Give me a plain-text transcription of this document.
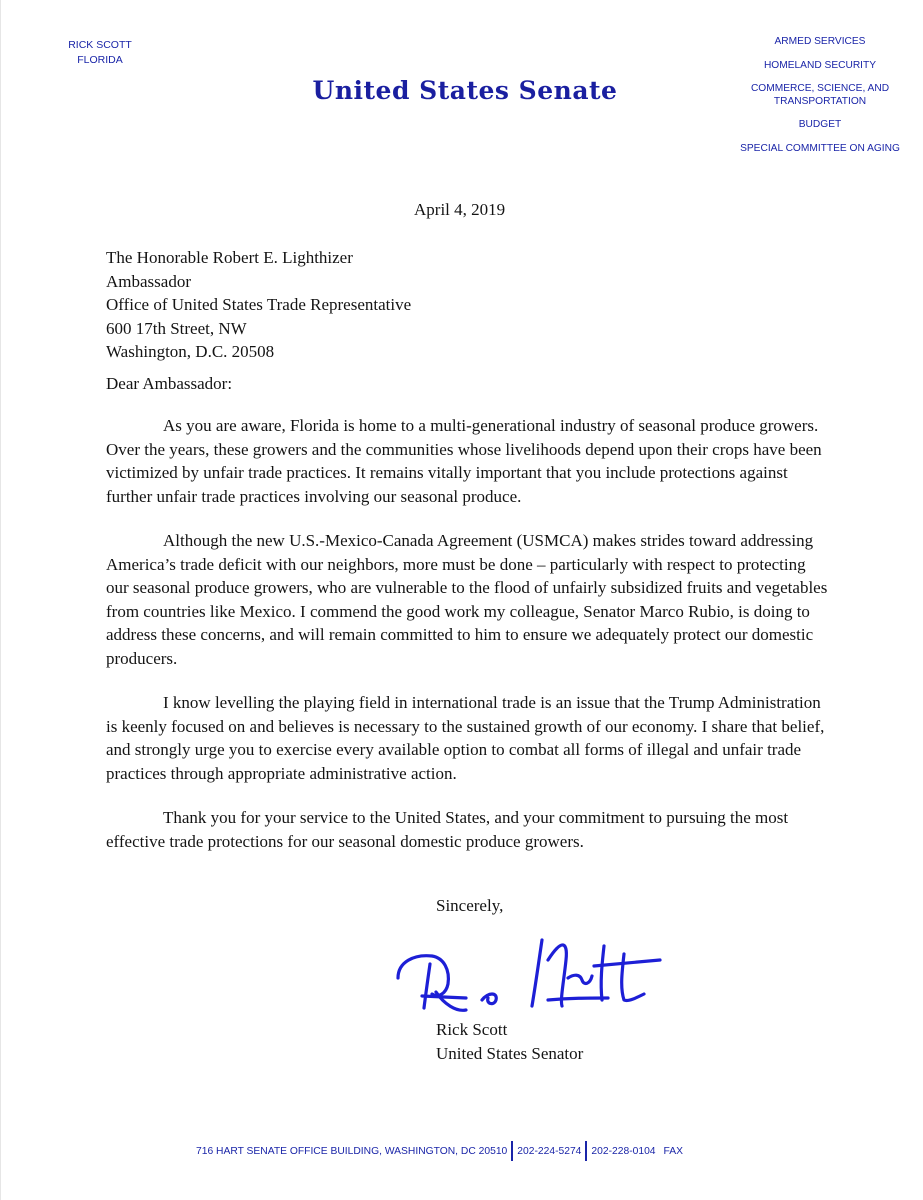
RICK SCOTT
FLORIDA
United States Senate
ARMED SERVICES
HOMELAND SECURITY
COMMERCE, SCIENCE, AND TRANSPORTATION
BUDGET
SPECIAL COMMITTEE ON AGING
April 4, 2019
The Honorable Robert E. Lighthizer
Ambassador
Office of United States Trade Representative
600 17th Street, NW
Washington, D.C. 20508
Dear Ambassador:

As you are aware, Florida is home to a multi-generational industry of seasonal produce growers. Over the years, these growers and the communities whose livelihoods depend upon their crops have been victimized by unfair trade practices. It remains vitally important that you include protections against further unfair trade practices involving our seasonal produce.

Although the new U.S.-Mexico-Canada Agreement (USMCA) makes strides toward addressing America’s trade deficit with our neighbors, more must be done – particularly with respect to protecting our seasonal produce growers, who are vulnerable to the flood of unfairly subsidized fruits and vegetables from countries like Mexico. I commend the good work my colleague, Senator Marco Rubio, is doing to address these concerns, and will remain committed to him to ensure we adequately protect our domestic producers.

I know levelling the playing field in international trade is an issue that the Trump Administration is keenly focused on and believes is necessary to the sustained growth of our economy. I share that belief, and strongly urge you to exercise every available option to combat all forms of illegal and unfair trade practices through appropriate administrative action.

Thank you for your service to the United States, and your commitment to pursuing the most effective trade protections for our seasonal domestic produce growers.

Sincerely,
Rick Scott
United States Senator
716 HART SENATE OFFICE BUILDING, WASHINGTON, DC 20510 202-224-5274 202-228-0104 FAX
